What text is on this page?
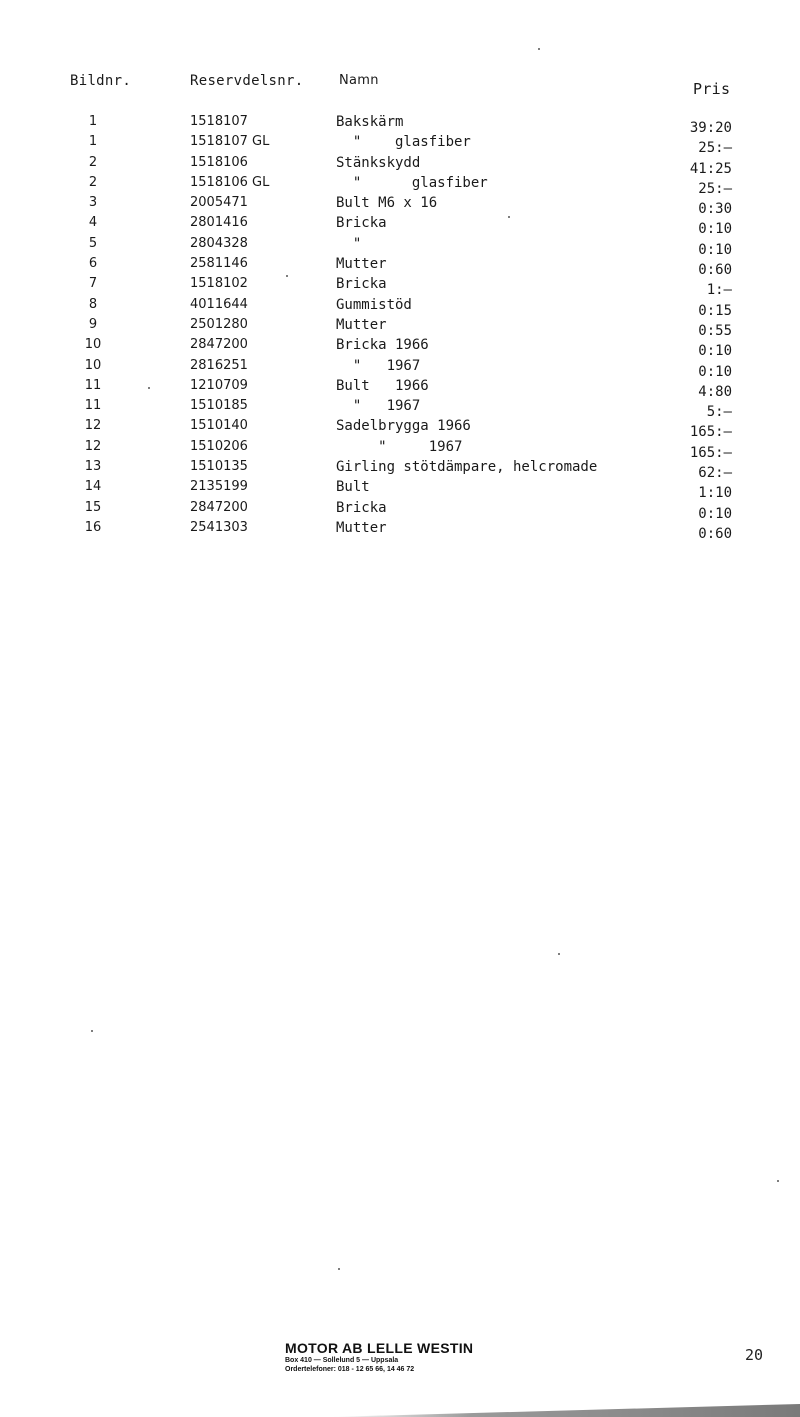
Bildnr.	Reservdelsnr.	Namn	Pris
1	1518107	Bakskärm	39:20
1	1518107 GL	"    glasfiber	25:—
2	1518106	Stänkskydd	41:25
2	1518106 GL	"      glasfiber	25:—
3	2005471	Bult M6 x 16	0:30
4	2801416	Bricka	0:10
5	2804328	"	0:10
6	2581146	Mutter	0:60
7	1518102	Bricka	1:—
8	4011644	Gummistöd	0:15
9	2501280	Mutter	0:55
10	2847200	Bricka 1966	0:10
10	2816251	"   1967	0:10
11	1210709	Bult   1966	4:80
11	1510185	"   1967	5:—
12	1510140	Sadelbrygga 1966	165:—
12	1510206	"     1967	165:—
13	1510135	Girling stötdämpare, helcromade	62:—
14	2135199	Bult	1:10
15	2847200	Bricka	0:10
16	2541303	Mutter	0:60
MOTOR AB LELLE WESTIN
Box 410 — Sollelund 5 — Uppsala
Ordertelefoner: 018 - 12 65 66, 14 46 72
20
